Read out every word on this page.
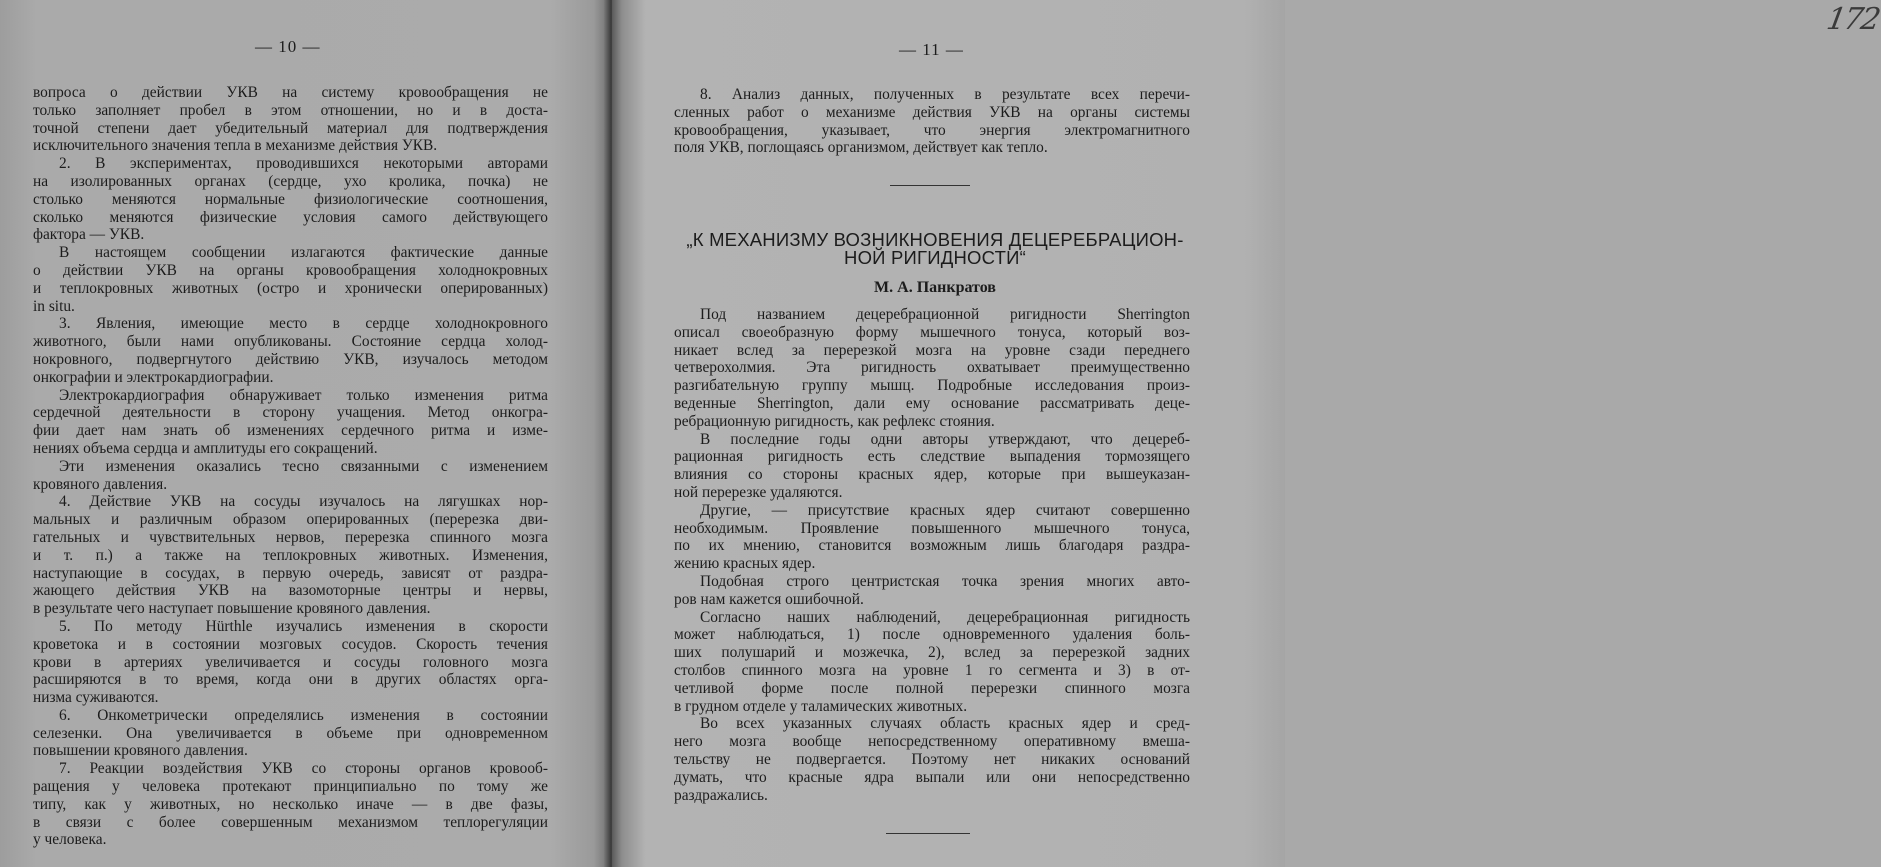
— 10 —
вопроса о действии УКВ на систему кровообращения не
только заполняет пробел в этом отношении, но и в доста-
точной степени дает убедительный материал для подтверждения
исключительного значения тепла в механизме действия УКВ.
2. В экспериментах, проводившихся некоторыми авторами
на изолированных органах (сердце, ухо кролика, почка) не
столько меняются нормальные физиологические соотношения,
сколько меняются физические условия самого действующего
фактора — УКВ.
В настоящем сообщении излагаются фактические данные
о действии УКВ на органы кровообращения холоднокровных
и теплокровных животных (остро и хронически оперированных)
in situ.
3. Явления, имеющие место в сердце холоднокровного
животного, были нами опубликованы. Состояние сердца холод-
нокровного, подвергнутого действию УКВ, изучалось методом
онкографии и электрокардиографии.
Электрокардиография обнаруживает только изменения ритма
сердечной деятельности в сторону учащения. Метод онкогра-
фии дает нам знать об изменениях сердечного ритма и изме-
нениях объема сердца и амплитуды его сокращений.
Эти изменения оказались тесно связанными с изменением
кровяного давления.
4. Действие УКВ на сосуды изучалось на лягушках нор-
мальных и различным образом оперированных (перерезка дви-
гательных и чувствительных нервов, перерезка спинного мозга
и т. п.) а также на теплокровных животных. Изменения,
наступающие в сосудах, в первую очередь, зависят от раздра-
жающего действия УКВ на вазомоторные центры и нервы,
в результате чего наступает повышение кровяного давления.
5. По методу Hürthle изучались изменения в скорости
кроветока и в состоянии мозговых сосудов. Скорость течения
крови в артериях увеличивается и сосуды головного мозга
расширяются в то время, когда они в других областях орга-
низма суживаются.
6. Онкометрически определялись изменения в состоянии
селезенки. Она увеличивается в объеме при одновременном
повышении кровяного давления.
7. Реакции воздействия УКВ со стороны органов кровооб-
ращения у человека протекают принципиально по тому же
типу, как у животных, но несколько иначе — в две фазы,
в связи с более совершенным механизмом теплорегуляции
у человека.
172
— 11 —
8. Анализ данных, полученных в результате всех перечи-
сленных работ о механизме действия УКВ на органы системы
кровообращения, указывает, что энергия электромагнитного
поля УКВ, поглощаясь организмом, действует как тепло.
„К МЕХАНИЗМУ ВОЗНИКНОВЕНИЯ ДЕЦЕРЕБРАЦИОН-
НОЙ РИГИДНОСТИ“
М. А. Панкратов
Под названием децеребрационной ригидности Sherrington
описал своеобразную форму мышечного тонуса, который воз-
никает вслед за перерезкой мозга на уровне сзади переднего
четверохолмия. Эта ригидность охватывает преимущественно
разгибательную группу мышц. Подробные исследования произ-
веденные Sherrington, дали ему основание рассматривать деце-
ребрационную ригидность, как рефлекс стояния.
В последние годы одни авторы утверждают, что децереб-
рационная ригидность есть следствие выпадения тормозящего
влияния со стороны красных ядер, которые при вышеуказан-
ной перерезке удаляются.
Другие, — присутствие красных ядер считают совершенно
необходимым. Проявление повышенного мышечного тонуса,
по их мнению, становится возможным лишь благодаря раздра-
жению красных ядер.
Подобная строго центристская точка зрения многих авто-
ров нам кажется ошибочной.
Согласно наших наблюдений, децеребрационная ригидность
может наблюдаться, 1) после одновременного удаления боль-
ших полушарий и мозжечка, 2), вслед за перерезкой задних
столбов спинного мозга на уровне 1 го сегмента и 3) в от-
четливой форме после полной перерезки спинного мозга
в грудном отделе у таламических животных.
Во всех указанных случаях область красных ядер и сред-
него мозга вообще непосредственному оперативному вмеша-
тельству не подвергается. Поэтому нет никаких оснований
думать, что красные ядра выпали или они непосредственно
раздражались.
